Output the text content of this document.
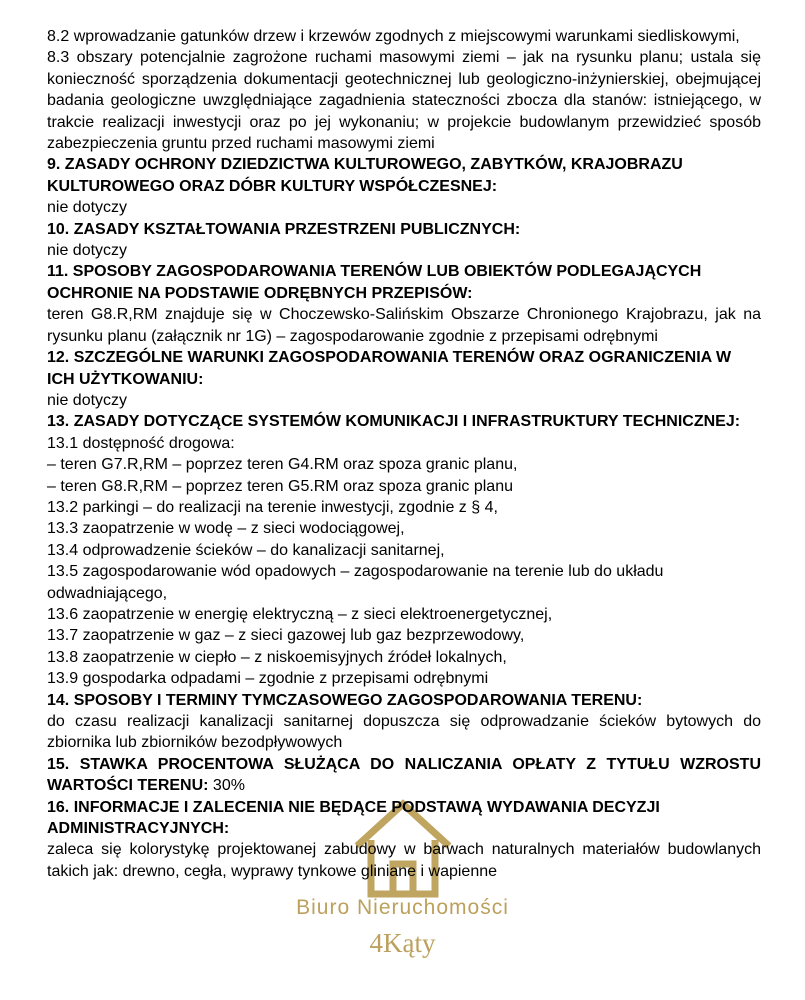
8.2 wprowadzanie gatunków drzew i krzewów zgodnych z miejscowymi warunkami siedliskowymi,

8.3 obszary potencjalnie zagrożone ruchami masowymi ziemi – jak na rysunku planu; ustala się konieczność sporządzenia dokumentacji geotechnicznej lub geologiczno-inżynierskiej, obejmującej badania geologiczne uwzględniające zagadnienia stateczności zbocza dla stanów: istniejącego, w trakcie realizacji inwestycji oraz po jej wykonaniu; w projekcie budowlanym przewidzieć sposób zabezpieczenia gruntu przed ruchami masowymi ziemi

9. ZASADY OCHRONY DZIEDZICTWA KULTUROWEGO, ZABYTKÓW, KRAJOBRAZU KULTUROWEGO ORAZ DÓBR KULTURY WSPÓŁCZESNEJ:

nie dotyczy

10. ZASADY KSZTAŁTOWANIA PRZESTRZENI PUBLICZNYCH:

nie dotyczy

11. SPOSOBY ZAGOSPODAROWANIA TERENÓW LUB OBIEKTÓW PODLEGAJĄCYCH OCHRONIE NA PODSTAWIE ODRĘBNYCH PRZEPISÓW:

teren G8.R,RM znajduje się w Choczewsko-Salińskim Obszarze Chronionego Krajobrazu, jak na rysunku planu (załącznik nr 1G) – zagospodarowanie zgodnie z przepisami odrębnymi

12. SZCZEGÓLNE WARUNKI ZAGOSPODAROWANIA TERENÓW ORAZ OGRANICZENIA W ICH UŻYTKOWANIU:

nie dotyczy

13. ZASADY DOTYCZĄCE SYSTEMÓW KOMUNIKACJI I INFRASTRUKTURY TECHNICZNEJ:

13.1 dostępność drogowa:

– teren G7.R,RM – poprzez teren G4.RM oraz spoza granic planu,

– teren G8.R,RM – poprzez teren G5.RM oraz spoza granic planu

13.2 parkingi – do realizacji na terenie inwestycji, zgodnie z § 4,

13.3 zaopatrzenie w wodę – z sieci wodociągowej,

13.4 odprowadzenie ścieków – do kanalizacji sanitarnej,

13.5 zagospodarowanie wód opadowych – zagospodarowanie na terenie lub do układu odwadniającego,

13.6 zaopatrzenie w energię elektryczną – z sieci elektroenergetycznej,

13.7 zaopatrzenie w gaz – z sieci gazowej lub gaz bezprzewodowy,

13.8 zaopatrzenie w ciepło – z niskoemisyjnych źródeł lokalnych,

13.9 gospodarka odpadami – zgodnie z przepisami odrębnymi

14. SPOSOBY I TERMINY TYMCZASOWEGO ZAGOSPODAROWANIA TERENU:

do czasu realizacji kanalizacji sanitarnej dopuszcza się odprowadzanie ścieków bytowych do zbiornika lub zbiorników bezodpływowych

15. STAWKA PROCENTOWA SŁUŻĄCA DO NALICZANIA OPŁATY Z TYTUŁU WZROSTU WARTOŚCI TERENU: 30%

16. INFORMACJE I ZALECENIA NIE BĘDĄCE PODSTAWĄ WYDAWANIA DECYZJI ADMINISTRACYJNYCH:

zaleca się kolorystykę projektowanej zabudowy w barwach naturalnych materiałów budowlanych takich jak: drewno, cegła, wyprawy tynkowe gliniane i wapienne

Biuro Nieruchomości
4Kąty
